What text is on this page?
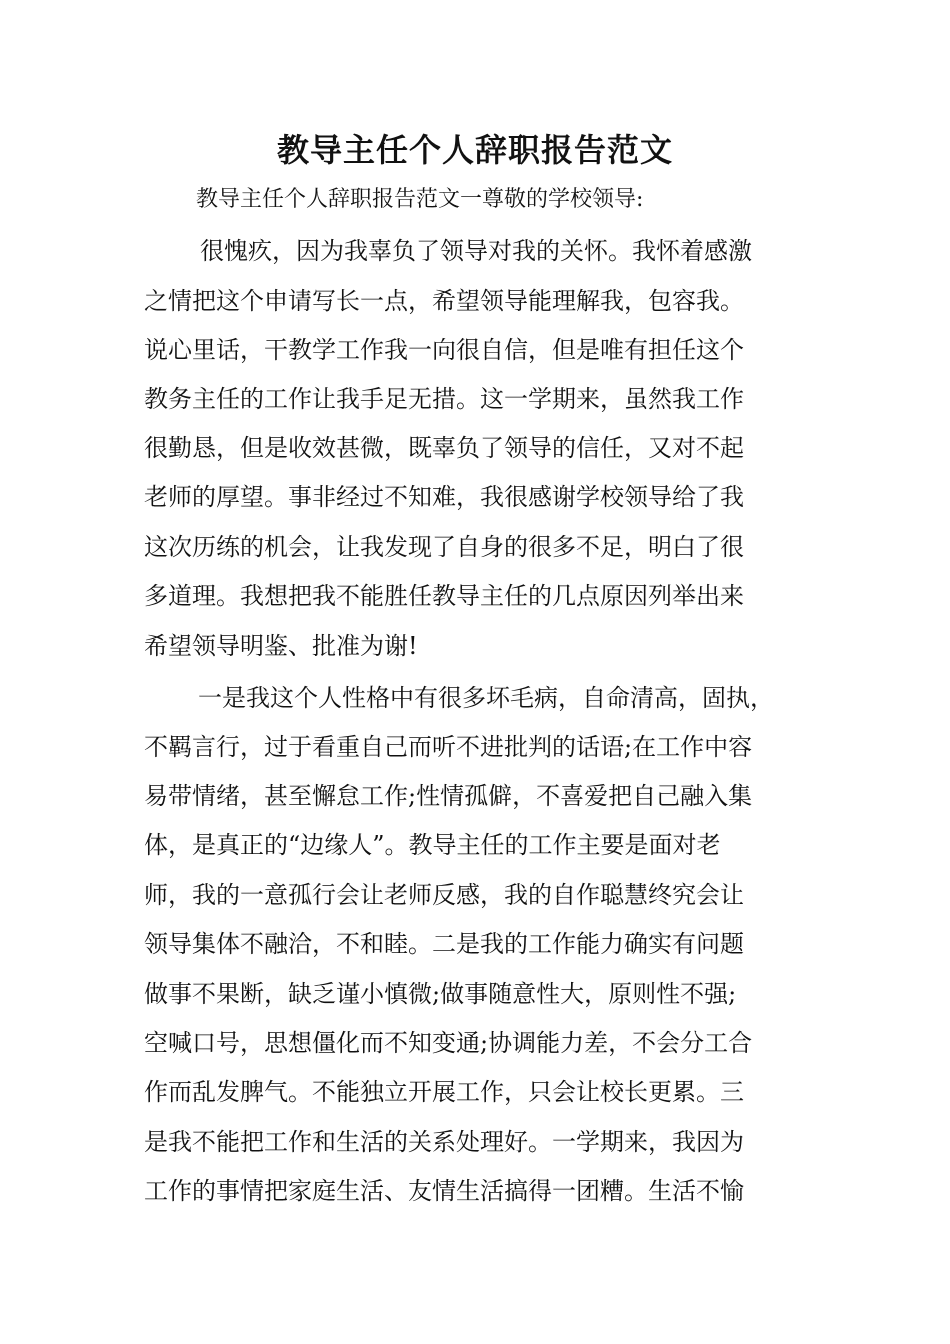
教导主任个人辞职报告范文
教导主任个人辞职报告范文一尊敬的学校领导:
很愧疚，因为我辜负了领导对我的关怀。我怀着感激
之情把这个申请写长一点，希望领导能理解我，包容我。
说心里话，干教学工作我一向很自信，但是唯有担任这个
教务主任的工作让我手足无措。这一学期来，虽然我工作
很勤恳，但是收效甚微，既辜负了领导的信任，又对不起
老师的厚望。事非经过不知难，我很感谢学校领导给了我
这次历练的机会，让我发现了自身的很多不足，明白了很
多道理。我想把我不能胜任教导主任的几点原因列举出来
希望领导明鉴、批准为谢!
一是我这个人性格中有很多坏毛病，自命清高，固执，
不羁言行，过于看重自己而听不进批判的话语;在工作中容
易带情绪，甚至懈怠工作;性情孤僻，不喜爱把自己融入集
体，是真正的“边缘人”。教导主任的工作主要是面对老
师，我的一意孤行会让老师反感，我的自作聪慧终究会让
领导集体不融洽，不和睦。二是我的工作能力确实有问题
做事不果断，缺乏谨小慎微;做事随意性大，原则性不强;
空喊口号，思想僵化而不知变通;协调能力差，不会分工合
作而乱发脾气。不能独立开展工作，只会让校长更累。三
是我不能把工作和生活的关系处理好。一学期来，我因为
工作的事情把家庭生活、友情生活搞得一团糟。生活不愉
